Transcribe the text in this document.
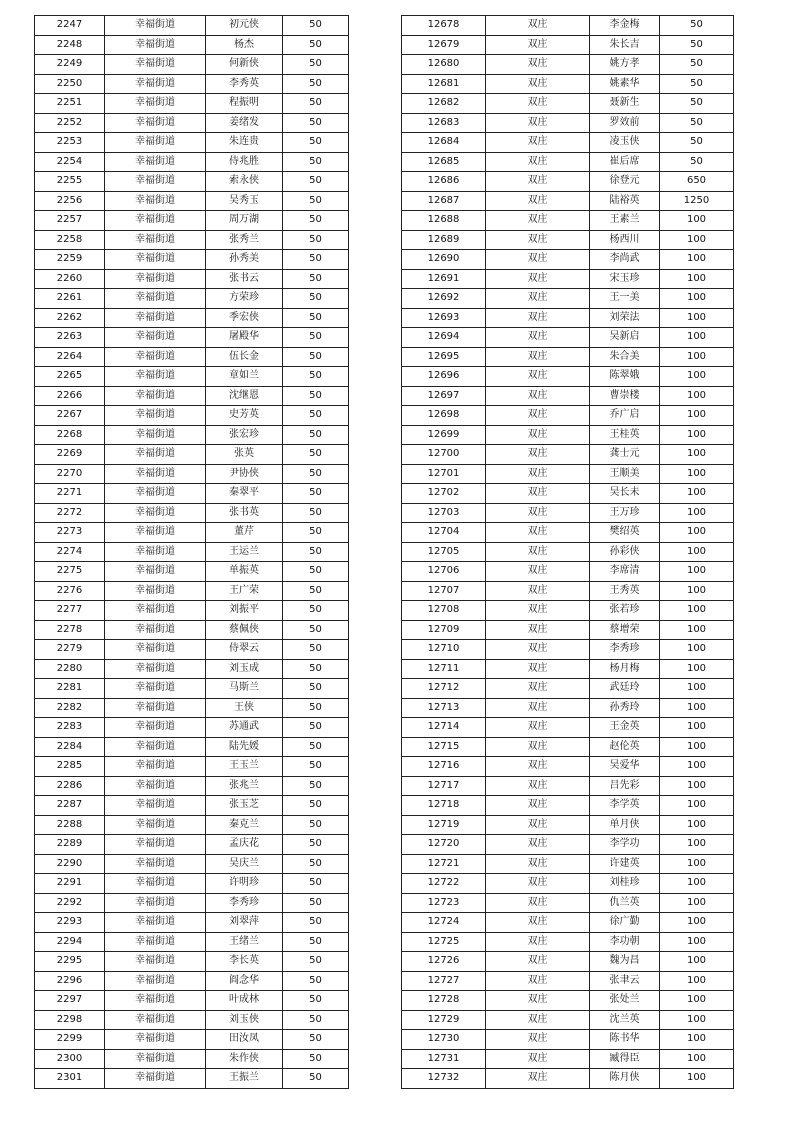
2247	幸福街道	初元侠	50
2248	幸福街道	杨杰	50
2249	幸福街道	何新侠	50
2250	幸福街道	李秀英	50
2251	幸福街道	程振明	50
2252	幸福街道	姜绪发	50
2253	幸福街道	朱连贵	50
2254	幸福街道	侍兆胜	50
2255	幸福街道	索永侠	50
2256	幸福街道	吴秀玉	50
2257	幸福街道	周万湖	50
2258	幸福街道	张秀兰	50
2259	幸福街道	孙秀美	50
2260	幸福街道	张书云	50
2261	幸福街道	方荣珍	50
2262	幸福街道	季宏侠	50
2263	幸福街道	屠殿华	50
2264	幸福街道	伍长金	50
2265	幸福街道	章如兰	50
2266	幸福街道	沈继恩	50
2267	幸福街道	史芳英	50
2268	幸福街道	张宏珍	50
2269	幸福街道	张英	50
2270	幸福街道	尹协侠	50
2271	幸福街道	秦翠平	50
2272	幸福街道	张书英	50
2273	幸福街道	董芹	50
2274	幸福街道	王运兰	50
2275	幸福街道	单振英	50
2276	幸福街道	王广荣	50
2277	幸福街道	刘振平	50
2278	幸福街道	蔡佩侠	50
2279	幸福街道	侍翠云	50
2280	幸福街道	刘玉成	50
2281	幸福街道	马斯兰	50
2282	幸福街道	王侠	50
2283	幸福街道	苏通武	50
2284	幸福街道	陆先媛	50
2285	幸福街道	王玉兰	50
2286	幸福街道	张兆兰	50
2287	幸福街道	张玉芝	50
2288	幸福街道	秦克兰	50
2289	幸福街道	孟庆花	50
2290	幸福街道	吴庆兰	50
2291	幸福街道	许明珍	50
2292	幸福街道	李秀珍	50
2293	幸福街道	刘翠萍	50
2294	幸福街道	王绪兰	50
2295	幸福街道	李长英	50
2296	幸福街道	阎念华	50
2297	幸福街道	叶成林	50
2298	幸福街道	刘玉侠	50
2299	幸福街道	田汝凤	50
2300	幸福街道	朱作侠	50
2301	幸福街道	王振兰	50
12678	双庄	李金梅	50
12679	双庄	朱长吉	50
12680	双庄	姚方孝	50
12681	双庄	姚素华	50
12682	双庄	聂新生	50
12683	双庄	罗效前	50
12684	双庄	凌玉侠	50
12685	双庄	崔后席	50
12686	双庄	徐登元	650
12687	双庄	陆裕英	1250
12688	双庄	王素兰	100
12689	双庄	杨西川	100
12690	双庄	李尚武	100
12691	双庄	宋玉珍	100
12692	双庄	王一美	100
12693	双庄	刘荣法	100
12694	双庄	吴新启	100
12695	双庄	朱合美	100
12696	双庄	陈翠娥	100
12697	双庄	曹崇楼	100
12698	双庄	乔广启	100
12699	双庄	王桂英	100
12700	双庄	龚士元	100
12701	双庄	王顺美	100
12702	双庄	吴长未	100
12703	双庄	王万珍	100
12704	双庄	樊绍英	100
12705	双庄	孙彩侠	100
12706	双庄	李席清	100
12707	双庄	王秀英	100
12708	双庄	张若珍	100
12709	双庄	蔡增荣	100
12710	双庄	李秀珍	100
12711	双庄	杨月梅	100
12712	双庄	武廷玲	100
12713	双庄	孙秀玲	100
12714	双庄	王金英	100
12715	双庄	赵伦英	100
12716	双庄	吴爱华	100
12717	双庄	吕先彩	100
12718	双庄	李学英	100
12719	双庄	单月侠	100
12720	双庄	李学功	100
12721	双庄	许建英	100
12722	双庄	刘桂珍	100
12723	双庄	仇兰英	100
12724	双庄	徐广勤	100
12725	双庄	李功朝	100
12726	双庄	魏为昌	100
12727	双庄	张聿云	100
12728	双庄	张处兰	100
12729	双庄	沈兰英	100
12730	双庄	陈书华	100
12731	双庄	臧得臣	100
12732	双庄	陈月侠	100
